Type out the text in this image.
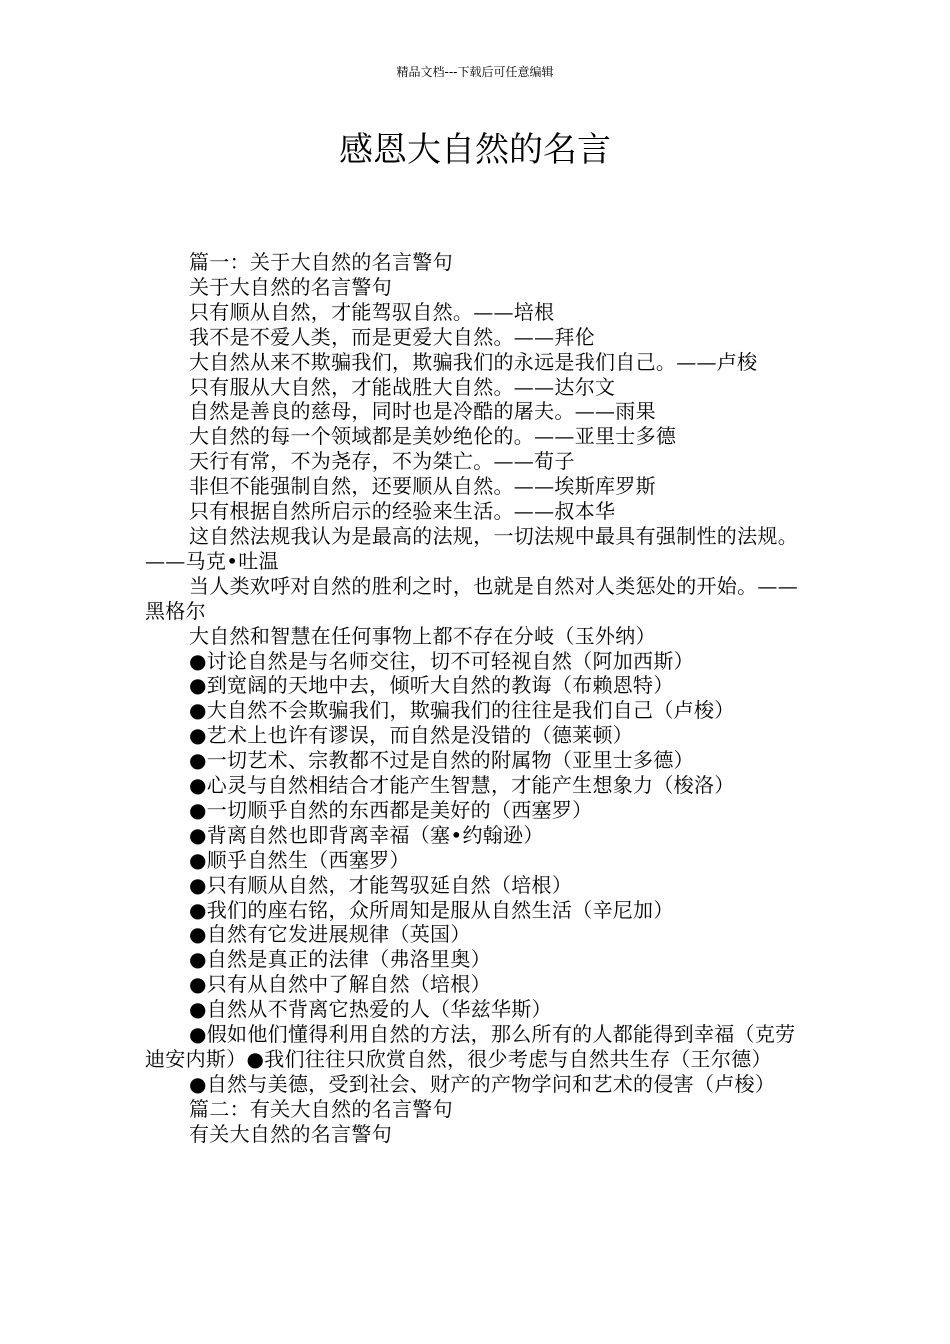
精品文档---下载后可任意编辑
感恩大自然的名言

篇一：关于大自然的名言警句

关于大自然的名言警句

只有顺从自然，才能驾驭自然。——培根

我不是不爱人类，而是更爱大自然。——拜伦

大自然从来不欺骗我们，欺骗我们的永远是我们自己。——卢梭

只有服从大自然，才能战胜大自然。——达尔文

自然是善良的慈母，同时也是冷酷的屠夫。——雨果

大自然的每一个领域都是美妙绝伦的。——亚里士多德

天行有常，不为尧存，不为桀亡。——荀子

非但不能强制自然，还要顺从自然。——埃斯库罗斯

只有根据自然所启示的经验来生活。——叔本华

这自然法规我认为是最高的法规，一切法规中最具有强制性的法规。——马克•吐温

当人类欢呼对自然的胜利之时，也就是自然对人类惩处的开始。——黑格尔

大自然和智慧在任何事物上都不存在分岐（玉外纳）

●讨论自然是与名师交往，切不可轻视自然（阿加西斯）

●到宽阔的天地中去，倾听大自然的教诲（布赖恩特）

●大自然不会欺骗我们，欺骗我们的往往是我们自己（卢梭）

●艺术上也许有谬误，而自然是没错的（德莱顿）

●一切艺术、宗教都不过是自然的附属物（亚里士多德）

●心灵与自然相结合才能产生智慧，才能产生想象力（梭洛）

●一切顺乎自然的东西都是美好的（西塞罗）

●背离自然也即背离幸福（塞•约翰逊）

●顺乎自然生（西塞罗）

●只有顺从自然，才能驾驭延自然（培根）

●我们的座右铭，众所周知是服从自然生活（辛尼加）

●自然有它发进展规律（英国）

●自然是真正的法律（弗洛里奥）

●只有从自然中了解自然（培根）

●自然从不背离它热爱的人（华兹华斯）

●假如他们懂得利用自然的方法，那么所有的人都能得到幸福（克劳迪安内斯）●我们往往只欣赏自然，很少考虑与自然共生存（王尔德）

●自然与美德，受到社会、财产的产物学问和艺术的侵害（卢梭）

篇二：有关大自然的名言警句

有关大自然的名言警句
